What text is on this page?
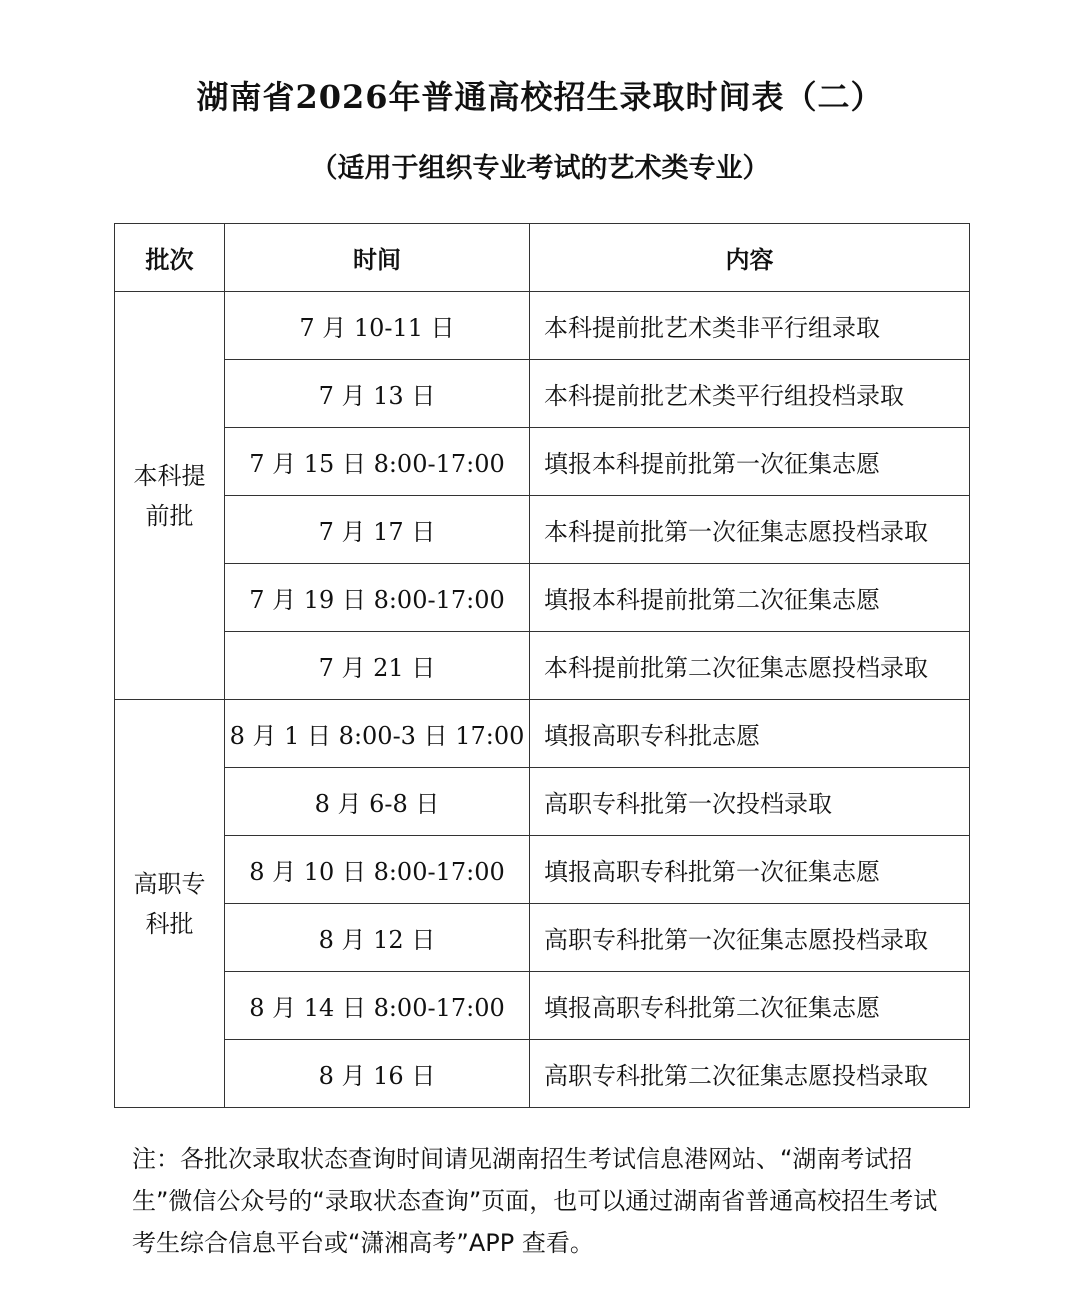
湖南省2026年普通高校招生录取时间表（二）
（适用于组织专业考试的艺术类专业）
批次	时间	内容
本科提前批	7 月 10-11 日	本科提前批艺术类非平行组录取
	7 月 13 日	本科提前批艺术类平行组投档录取
	7 月 15 日 8:00-17:00	填报本科提前批第一次征集志愿
	7 月 17 日	本科提前批第一次征集志愿投档录取
	7 月 19 日 8:00-17:00	填报本科提前批第二次征集志愿
	7 月 21 日	本科提前批第二次征集志愿投档录取
高职专科批	8 月 1 日 8:00-3 日 17:00	填报高职专科批志愿
	8 月 6-8 日	高职专科批第一次投档录取
	8 月 10 日 8:00-17:00	填报高职专科批第一次征集志愿
	8 月 12 日	高职专科批第一次征集志愿投档录取
	8 月 14 日 8:00-17:00	填报高职专科批第二次征集志愿
	8 月 16 日	高职专科批第二次征集志愿投档录取
注：各批次录取状态查询时间请见湖南招生考试信息港网站、“湖南考试招生”微信公众号的“录取状态查询”页面，也可以通过湖南省普通高校招生考试考生综合信息平台或“潇湘高考”APP 查看。
